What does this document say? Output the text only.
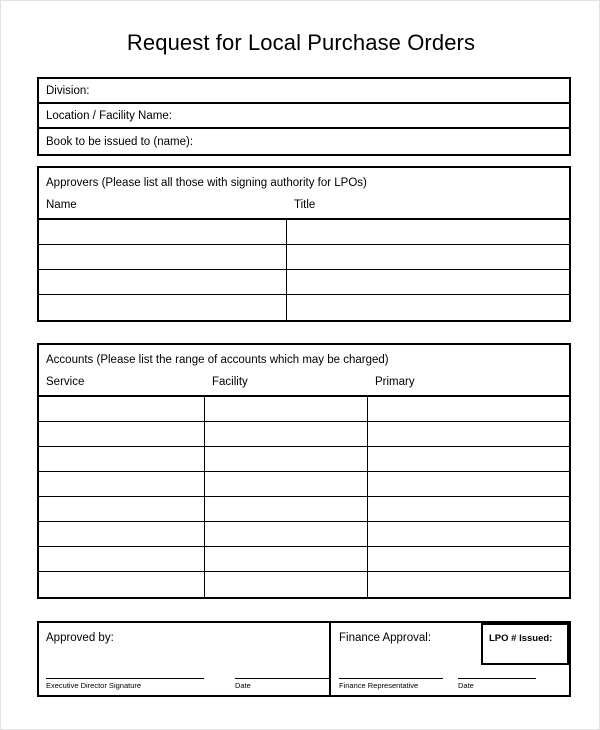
Request for Local Purchase Orders
Division:
Location / Facility Name:
Book to be issued to (name):
Approvers (Please list all those with signing authority for LPOs)
Name	Title
Accounts (Please list the range of accounts which may be charged)
Service	Facility	Primary
Approved by:
Executive Director Signature	Date
Finance Approval:	LPO # Issued:
Finance Representative	Date
